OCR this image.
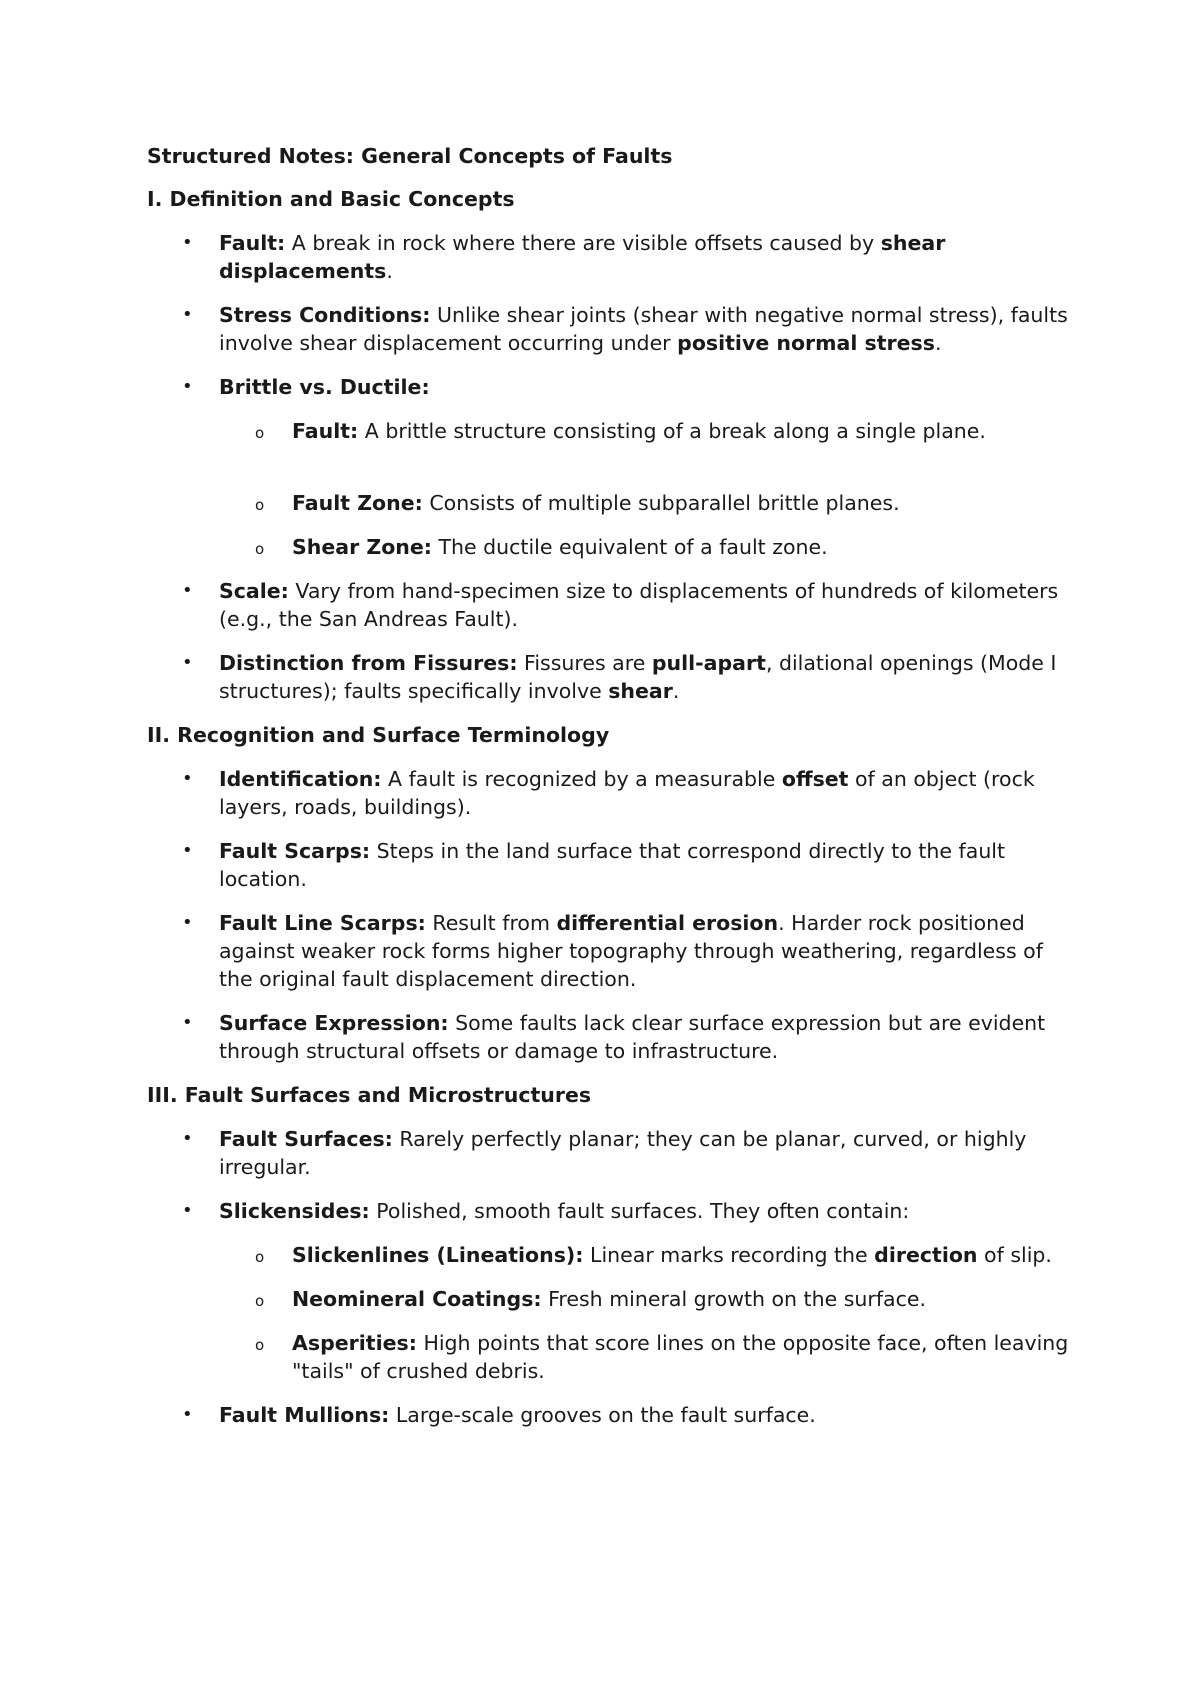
Structured Notes: General Concepts of Faults

I. Definition and Basic Concepts

• Fault: A break in rock where there are visible offsets caused by shear displacements.
• Stress Conditions: Unlike shear joints (shear with negative normal stress), faults involve shear displacement occurring under positive normal stress.
• Brittle vs. Ductile:
o Fault: A brittle structure consisting of a break along a single plane.
o Fault Zone: Consists of multiple subparallel brittle planes.
o Shear Zone: The ductile equivalent of a fault zone.
• Scale: Vary from hand-specimen size to displacements of hundreds of kilometers (e.g., the San Andreas Fault).
• Distinction from Fissures: Fissures are pull-apart, dilational openings (Mode I structures); faults specifically involve shear.

II. Recognition and Surface Terminology

• Identification: A fault is recognized by a measurable offset of an object (rock layers, roads, buildings).
• Fault Scarps: Steps in the land surface that correspond directly to the fault location.
• Fault Line Scarps: Result from differential erosion. Harder rock positioned against weaker rock forms higher topography through weathering, regardless of the original fault displacement direction.
• Surface Expression: Some faults lack clear surface expression but are evident through structural offsets or damage to infrastructure.

III. Fault Surfaces and Microstructures

• Fault Surfaces: Rarely perfectly planar; they can be planar, curved, or highly irregular.
• Slickensides: Polished, smooth fault surfaces. They often contain:
o Slickenlines (Lineations): Linear marks recording the direction of slip.
o Neomineral Coatings: Fresh mineral growth on the surface.
o Asperities: High points that score lines on the opposite face, often leaving "tails" of crushed debris.
• Fault Mullions: Large-scale grooves on the fault surface.
